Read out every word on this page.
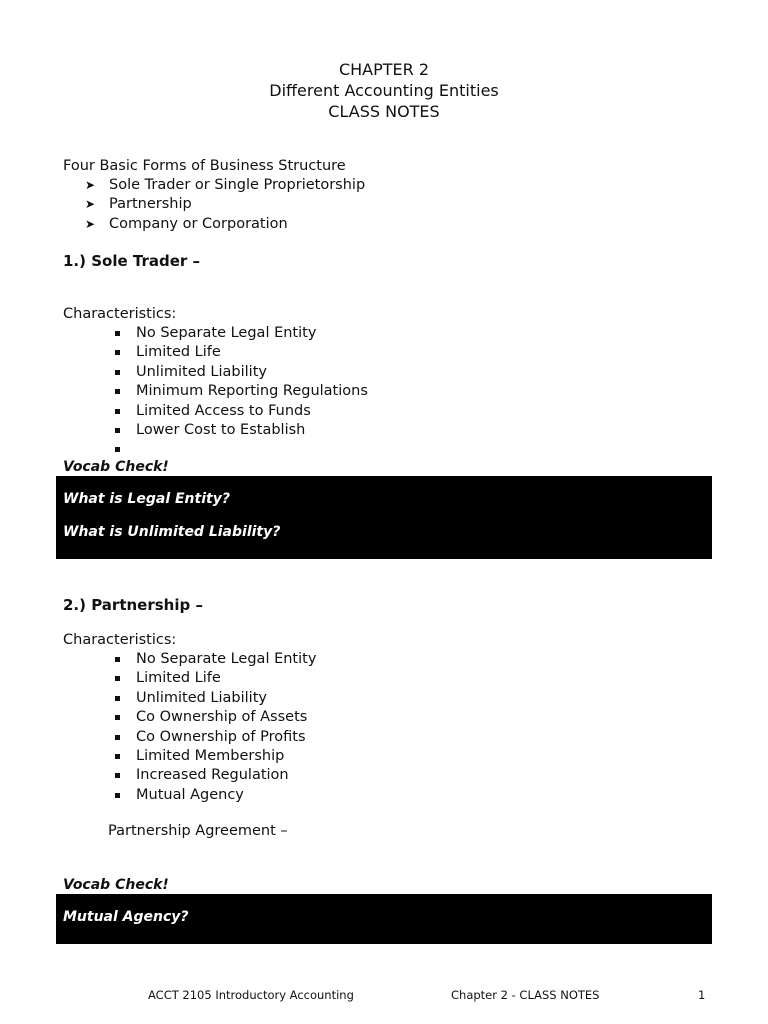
CHAPTER 2
Different Accounting Entities
CLASS NOTES
Four Basic Forms of Business Structure
➤ Sole Trader or Single Proprietorship
➤ Partnership
➤ Company or Corporation
1.) Sole Trader –
Characteristics:
No Separate Legal Entity
Limited Life
Unlimited Liability
Minimum Reporting Regulations
Limited Access to Funds
Lower Cost to Establish
Vocab Check!
What is Legal Entity?
What is Unlimited Liability?
2.) Partnership –
Characteristics:
No Separate Legal Entity
Limited Life
Unlimited Liability
Co Ownership of Assets
Co Ownership of Profits
Limited Membership
Increased Regulation
Mutual Agency
Partnership Agreement –
Vocab Check!
Mutual Agency?
ACCT 2105 Introductory Accounting	Chapter 2 - CLASS NOTES	1
